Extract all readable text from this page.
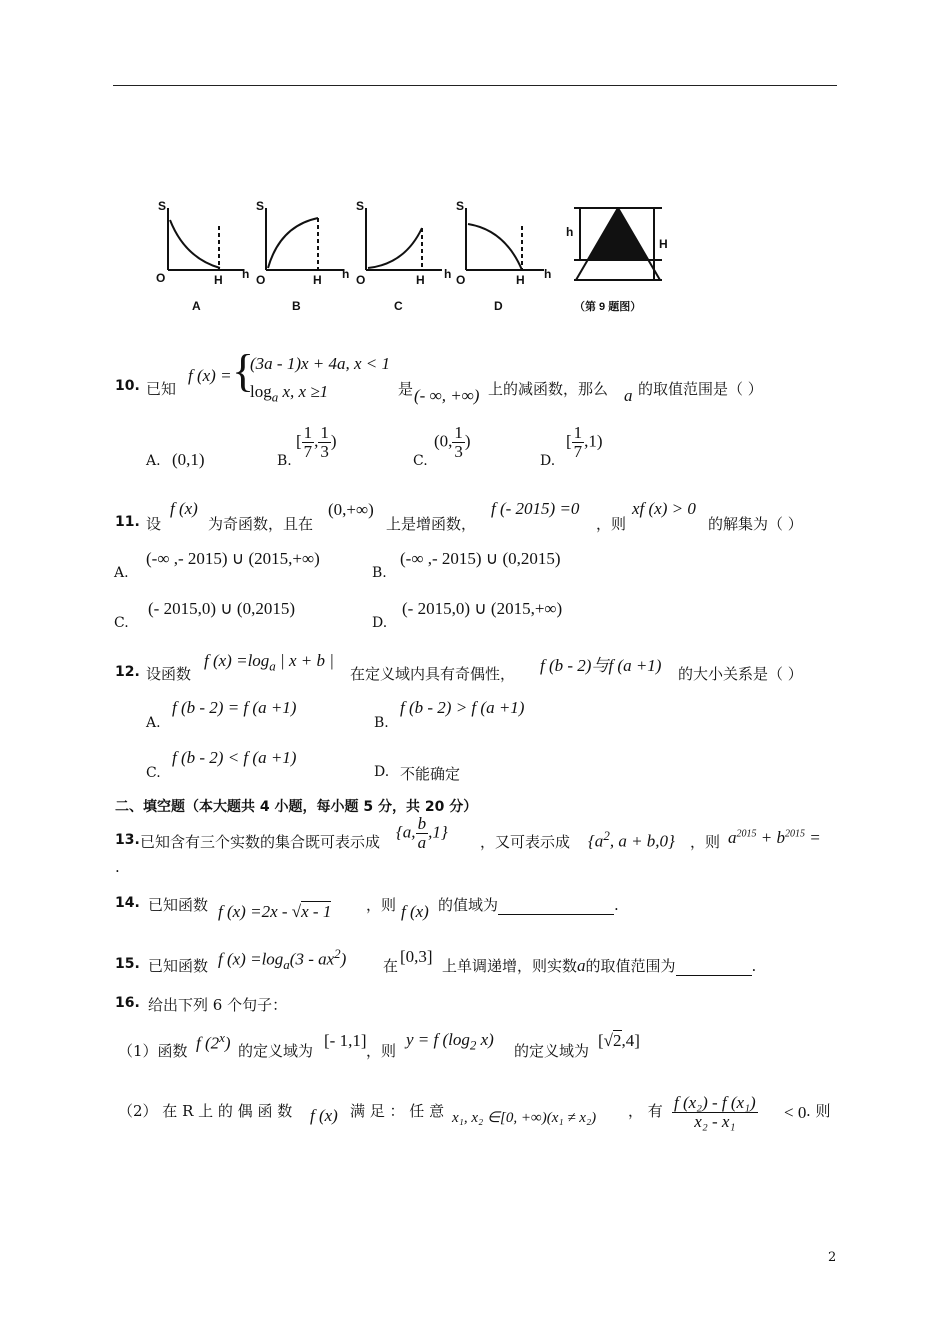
S
O	H h
S
O	H h
S
O	H h
S
O	H h
h
H
A	B	C	D	（第 9 题图）
10. 已知
f (x) = {
(3a - 1)x + 4a, x < 1
$\log_a x$, x ≥1	是 (- ∞, +∞) 上的减函数，那么 a 的取值范围是（ ）
A. (0,1)	B.
[ $\frac{1}{7}$ , $\frac{1}{3}$ )
C.
(0, $\frac{1}{3}$ )
D.
[ $\frac{1}{7} ,1$)
11. 设
f (x)
为奇函数，且在
(0,+∞)
上是增函数，
f (- 2015) =0
，则
xf (x) > 0
的解集为（ ）
A.
(-∞ ,- 2015) ∪ (2015,+∞)
B.
(-∞ ,- 2015) ∪ (0,2015)
C.
(- 2015,0) ∪ (0,2015)
D.
(- 2015,0) ∪ (2015,+∞)
12. 设函数
f $(x) =\log_a$ | x + b |
在定义域内具有奇偶性， f (b - 2)与f (a +1) 的大小关系是（ ）
A.
f (b - 2) = f (a +1)
B.
f (b - 2) > f (a +1)
C.
f (b - 2) < f (a +1)
D. 不能确定
二、填空题（本大题共 4 小题，每小题 5 分，共 20 分）
13. 已知含有三个实数的集合既可表示成
{a, $\frac{b}{a} ,1$}
，又可表示成 {$a^2$, a + b,0} ，则 $a^{2015} + b^{2015}$ =
.
14. 已知函数 f (x) =2x - √x - 1 ，则 f (x) 的值域为	.
15. 已知函数 f $(x) =\log_a(3 - ax^2)$ 在 [0,3] 上单调递增，则实数a的取值范围为	.
16. 给出下列 6 个句子：
（1）函数 f (2$^x$) 的定义域为
[- 1,1]
，则
y = f ($\log_2$ x)
的定义域为
[√2,4]
（2） 在 R 上 的 偶 函 数 f (x) 满 足 ： 任 意 x₁, x₂ ∈[0, +∞)(x₁ ≠ x₂) ， 有 $\frac{\text{f (x₂) - f (x₁)}}{\text{x₂ - x₁}} < 0$ . 则
2
